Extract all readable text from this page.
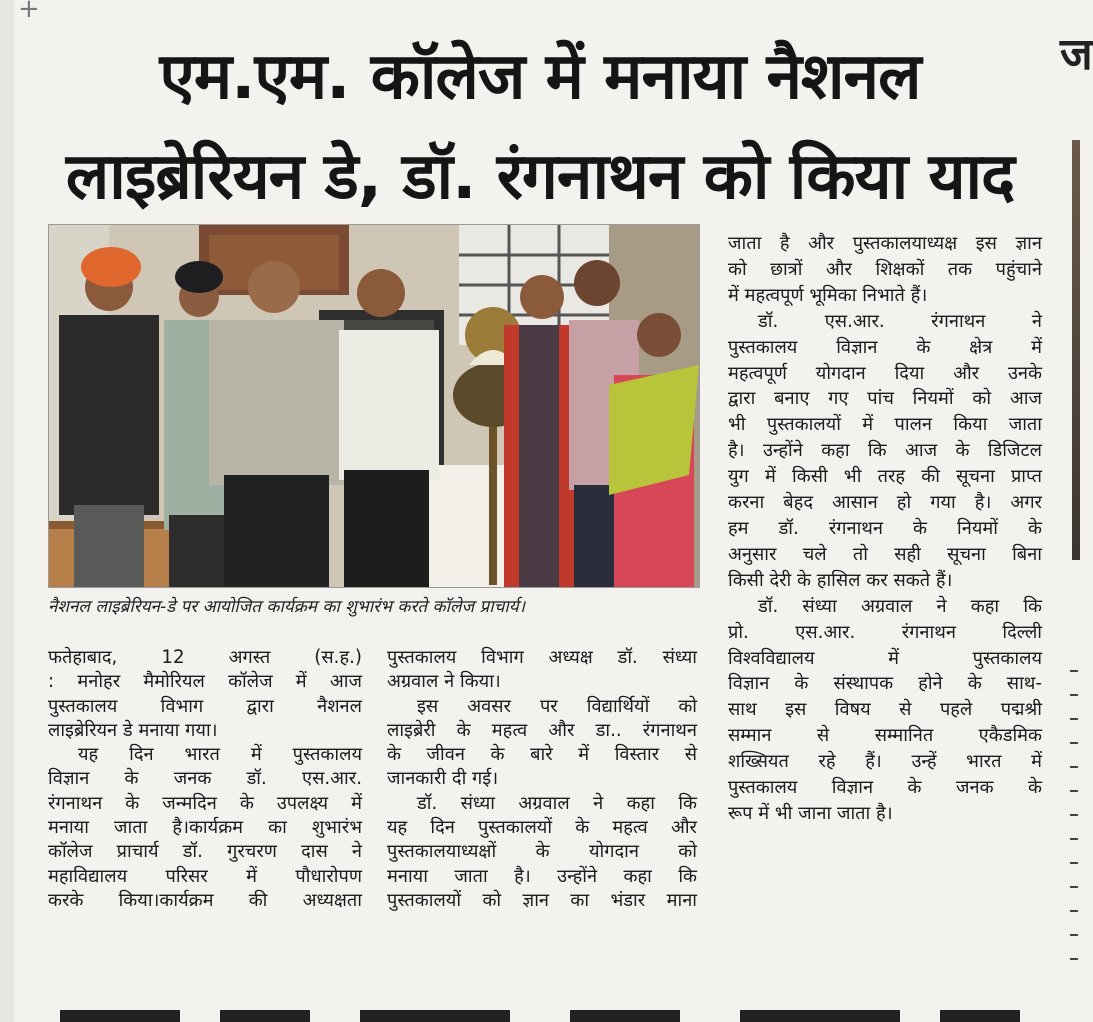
+
एम.एम. कॉलेज में मनाया नैशनल
लाइब्रेरियन डे, डॉ. रंगनाथन को किया याद
ज
नैशनल लाइब्रेरियन-डे पर आयोजित कार्यक्रम का शुभारंभ करते कॉलेज प्राचार्य।

फतेहाबाद, 12 अगस्त (स.ह.)

: मनोहर मैमोरियल कॉलेज में आज

पुस्तकालय विभाग द्वारा नैशनल

लाइब्रेरियन डे मनाया गया।

यह दिन भारत में पुस्तकालय

विज्ञान के जनक डॉ. एस.आर.

रंगनाथन के जन्मदिन के उपलक्ष्य में

मनाया जाता है।कार्यक्रम का शुभारंभ

कॉलेज प्राचार्य डॉ. गुरचरण दास ने

महाविद्यालय परिसर में पौधारोपण

करके किया।कार्यक्रम की अध्यक्षता

पुस्तकालय विभाग अध्यक्ष डॉ. संध्या

अग्रवाल ने किया।

इस अवसर पर विद्यार्थियों को

लाइब्रेरी के महत्व और डा.. रंगनाथन

के जीवन के बारे में विस्तार से

जानकारी दी गई।

डॉ. संध्या अग्रवाल ने कहा कि

यह दिन पुस्तकालयों के महत्व और

पुस्तकालयाध्यक्षों के योगदान को

मनाया जाता है। उन्होंने कहा कि

पुस्तकालयों को ज्ञान का भंडार माना

जाता है और पुस्तकालयाध्यक्ष इस ज्ञान

को छात्रों और शिक्षकों तक पहुंचाने

में महत्वपूर्ण भूमिका निभाते हैं।

डॉ. एस.आर. रंगनाथन ने

पुस्तकालय विज्ञान के क्षेत्र में

महत्वपूर्ण योगदान दिया और उनके

द्वारा बनाए गए पांच नियमों को आज

भी पुस्तकालयों में पालन किया जाता

है। उन्होंने कहा कि आज के डिजिटल

युग में किसी भी तरह की सूचना प्राप्त

करना बेहद आसान हो गया है। अगर

हम डॉ. रंगनाथन के नियमों के

अनुसार चले तो सही सूचना बिना

किसी देरी के हासिल कर सकते हैं।

डॉ. संध्या अग्रवाल ने कहा कि

प्रो. एस.आर. रंगनाथन दिल्ली

विश्वविद्यालय में पुस्तकालय

विज्ञान के संस्थापक होने के साथ-

साथ इस विषय से पहले पद्मश्री

सम्मान से सम्मानित एकैडमिक

शख्सियत रहे हैं। उन्हें भारत में

पुस्तकालय विज्ञान के जनक के

रूप में भी जाना जाता है।
